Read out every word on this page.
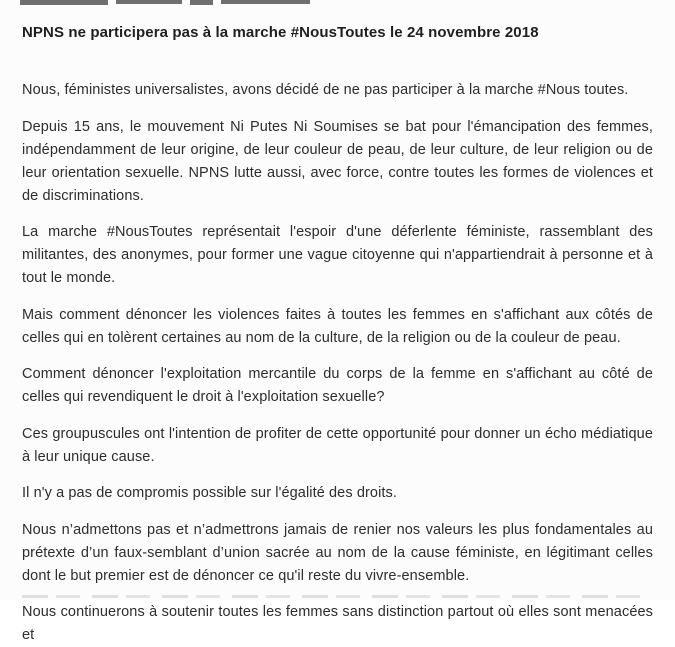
NPNS ne participera pas à la marche #NousToutes le 24 novembre 2018

Nous, féministes universalistes, avons décidé de ne pas participer à la marche #Nous toutes.

Depuis 15 ans, le mouvement Ni Putes Ni Soumises se bat pour l'émancipation des femmes, indépendamment de leur origine, de leur couleur de peau, de leur culture, de leur religion ou de leur orientation sexuelle. NPNS lutte aussi, avec force, contre toutes les formes de violences et de discriminations.

La marche #NousToutes représentait l'espoir d'une déferlente féministe, rassemblant des militantes, des anonymes, pour former une vague citoyenne qui n'appartiendrait à personne et à tout le monde.

Mais comment dénoncer les violences faites à toutes les femmes en s'affichant aux côtés de celles qui en tolèrent certaines au nom de la culture, de la religion ou de la couleur de peau.

Comment dénoncer l'exploitation mercantile du corps de la femme en s'affichant au côté de celles qui revendiquent le droit à l'exploitation sexuelle?

Ces groupuscules ont l'intention de profiter de cette opportunité pour donner un écho médiatique à leur unique cause.

Il n'y a pas de compromis possible sur l'égalité des droits.

Nous n’admettons pas et n’admettrons jamais de renier nos valeurs les plus fondamentales au prétexte d’un faux-semblant d’union sacrée au nom de la cause féministe, en légitimant celles dont le but premier est de dénoncer ce qu'il reste du vivre-ensemble.

Nous continuerons à soutenir toutes les femmes sans distinction partout où elles sont menacées et
